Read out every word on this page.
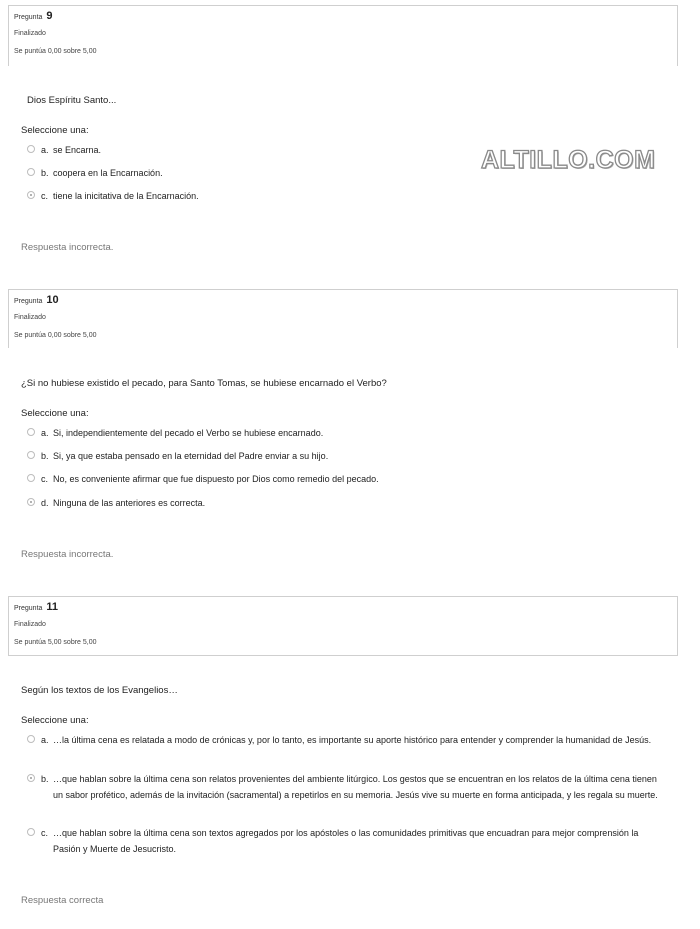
ALTILLO.COM
Pregunta 9
Finalizado
Se puntúa 0,00 sobre 5,00
Dios Espíritu Santo...
Seleccione una:
a. se Encarna.
b. coopera en la Encarnación.
c. tiene la inicitativa de la Encarnación.
Respuesta incorrecta.
Pregunta 10
Finalizado
Se puntúa 0,00 sobre 5,00
¿Si no hubiese existido el pecado, para Santo Tomas, se hubiese encarnado el Verbo?
Seleccione una:
a. Si, independientemente del pecado el Verbo se hubiese encarnado.
b. Si, ya que estaba pensado en la eternidad del Padre enviar a su hijo.
c. No, es conveniente afirmar que fue dispuesto por Dios como remedio del pecado.
d. Ninguna de las anteriores es correcta.
Respuesta incorrecta.
Pregunta 11
Finalizado
Se puntúa 5,00 sobre 5,00
Según los textos de los Evangelios…
Seleccione una:
a. …la última cena es relatada a modo de crónicas y, por lo tanto, es importante su aporte histórico para entender y comprender la humanidad de Jesús.
b. …que hablan sobre la última cena son relatos provenientes del ambiente litúrgico. Los gestos que se encuentran en los relatos de la última cena tienen un sabor profético, además de la invitación (sacramental) a repetirlos en su memoria. Jesús vive su muerte en forma anticipada, y les regala su muerte.
c. …que hablan sobre la última cena son textos agregados por los apóstoles o las comunidades primitivas que encuadran para mejor comprensión la Pasión y Muerte de Jesucristo.
Respuesta correcta
